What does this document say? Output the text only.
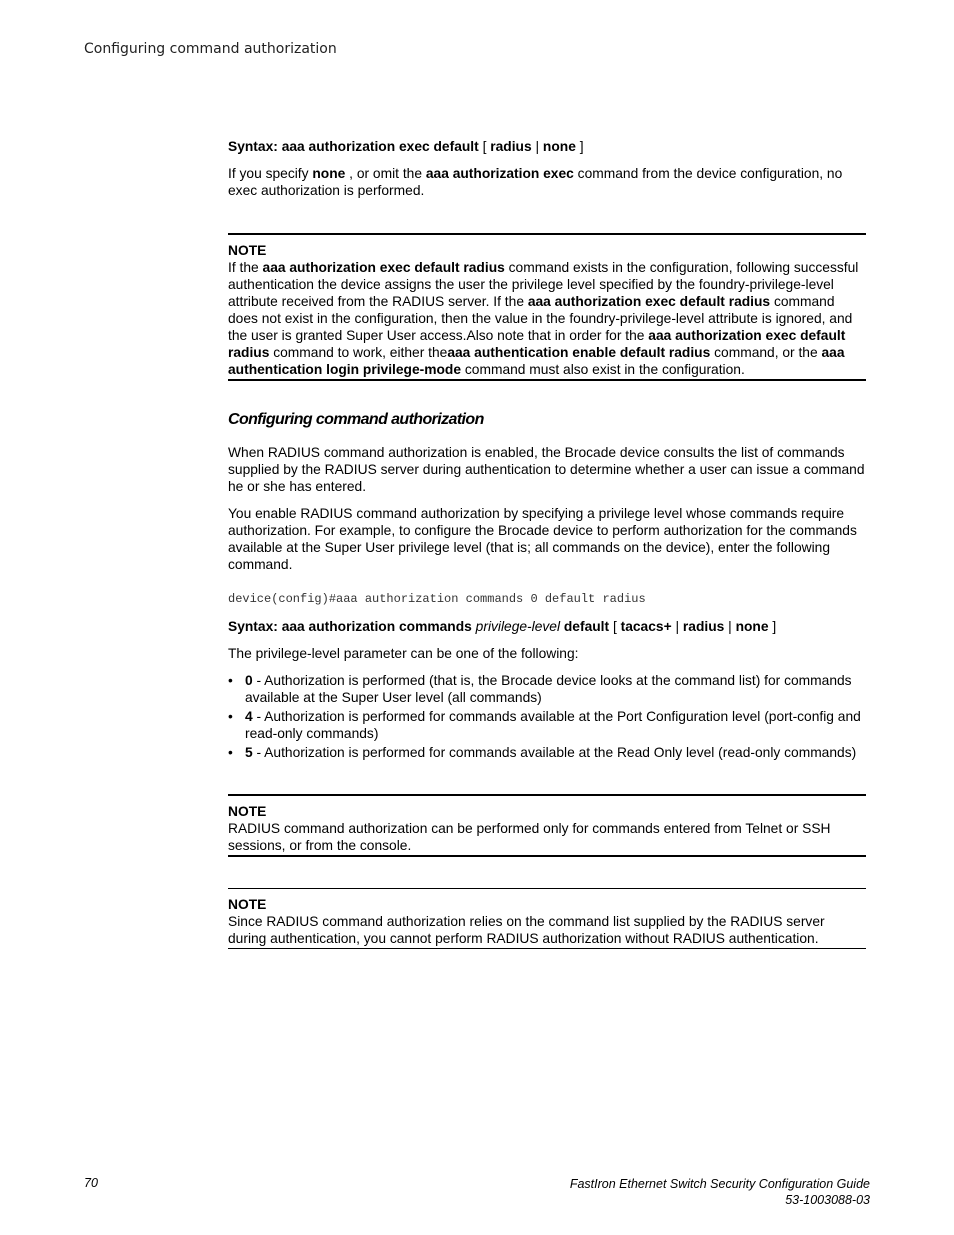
Configuring command authorization

Syntax: aaa authorization exec default [ radius | none ]

If you specify none , or omit the aaa authorization exec command from the device configuration, no exec authorization is performed.

NOTE

If the aaa authorization exec default radius command exists in the configuration, following successful authentication the device assigns the user the privilege level specified by the foundry-privilege-level attribute received from the RADIUS server. If the aaa authorization exec default radius command does not exist in the configuration, then the value in the foundry-privilege-level attribute is ignored, and the user is granted Super User access.Also note that in order for the aaa authorization exec default radius command to work, either theaaa authentication enable default radius command, or the aaa authentication login privilege-mode command must also exist in the configuration.

Configuring command authorization

When RADIUS command authorization is enabled, the Brocade device consults the list of commands supplied by the RADIUS server during authentication to determine whether a user can issue a command he or she has entered.

You enable RADIUS command authorization by specifying a privilege level whose commands require authorization. For example, to configure the Brocade device to perform authorization for the commands available at the Super User privilege level (that is; all commands on the device), enter the following command.

device(config)#aaa authorization commands 0 default radius

Syntax: aaa authorization commands privilege-level default [ tacacs+ | radius | none ]

The privilege-level parameter can be one of the following:

• 0 - Authorization is performed (that is, the Brocade device looks at the command list) for commands available at the Super User level (all commands)
• 4 - Authorization is performed for commands available at the Port Configuration level (port-config and read-only commands)
• 5 - Authorization is performed for commands available at the Read Only level (read-only commands)
NOTE

RADIUS command authorization can be performed only for commands entered from Telnet or SSH sessions, or from the console.

NOTE

Since RADIUS command authorization relies on the command list supplied by the RADIUS server during authentication, you cannot perform RADIUS authorization without RADIUS authentication.

70	FastIron Ethernet Switch Security Configuration Guide
53-1003088-03
